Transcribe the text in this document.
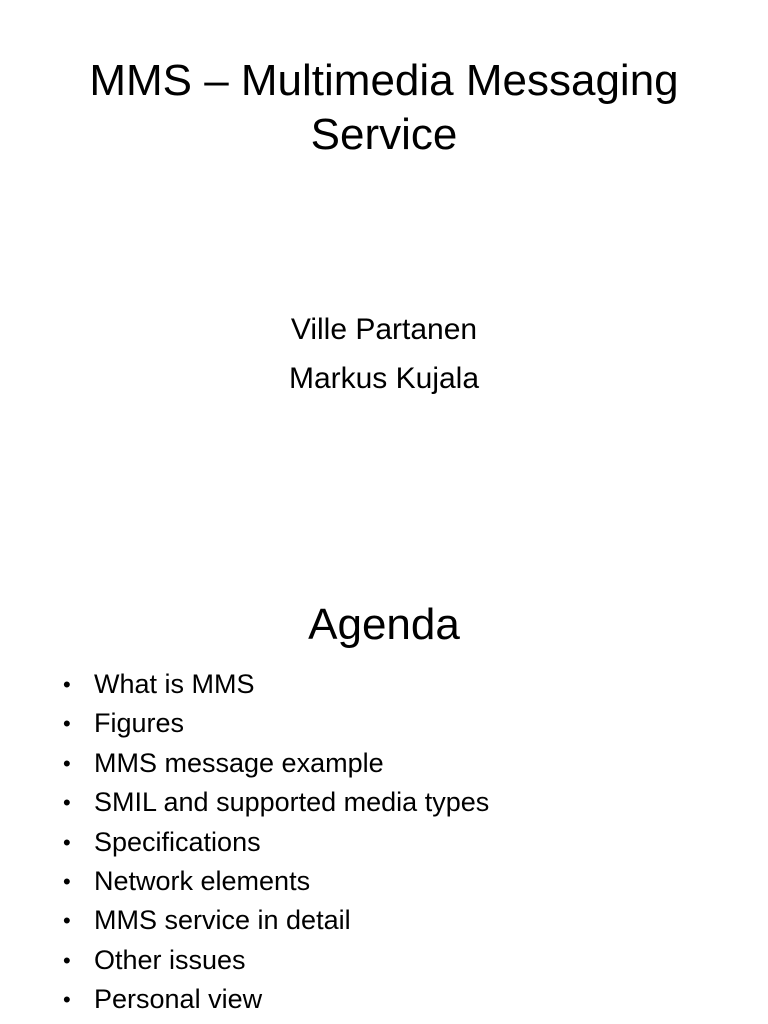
MMS – Multimedia Messaging
Service
Ville Partanen
Markus Kujala
Agenda
• What is MMS
• Figures
• MMS message example
• SMIL and supported media types
• Specifications
• Network elements
• MMS service in detail
• Other issues
• Personal view
